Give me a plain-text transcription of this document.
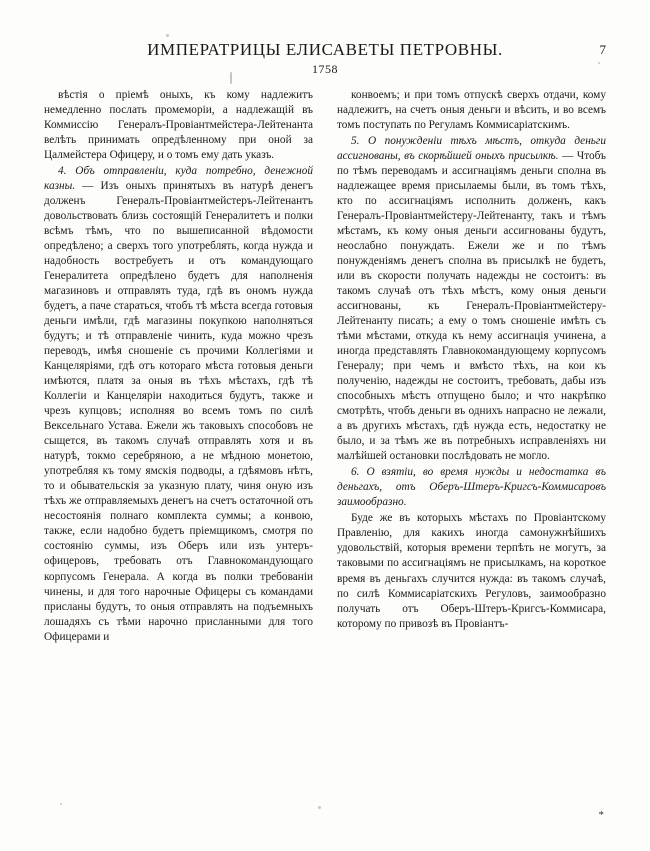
ИМПЕРАТРИЦЫ ЕЛИСАВЕТЫ ПЕТРОВНЫ.	7
1758

вѣстія о пріемѣ оныхъ, къ кому надлежитъ немедленно послать промеморіи, а надлежащій въ Коммиссію Генералъ-Провіантмейстера-Лейтенанта велѣть принимать опредѣленному при оной за Цалмейстера Офицеру, и о томъ ему дать указъ.

4. Объ отправленіи, куда потребно, денежной казны. — Изъ оныхъ принятыхъ въ натурѣ денегъ долженъ Генералъ-Провіантмейстеръ-Лейтенантъ довольствовать близь состоящій Генералитетъ и полки всѣмъ тѣмъ, что по вышеписанной вѣдомости опредѣлено; а сверхъ того употреблять, когда нужда и надобность востребуетъ и отъ командующаго Генералитета опредѣлено будетъ для наполненія магазиновъ и отправлять туда, гдѣ въ ономъ нужда будетъ, а паче стараться, чтобъ тѣ мѣста всегда готовыя деньги имѣли, гдѣ магазины покупкою наполняться будутъ; и тѣ отправленіе чинить, куда можно чрезъ переводъ, имѣя сношеніе съ прочими Коллегіями и Канцеляріями, гдѣ отъ котораго мѣста готовыя деньги имѣются, платя за оныя въ тѣхъ мѣстахъ, гдѣ тѣ Коллегіи и Канцеляріи находиться будутъ, также и чрезъ купцовъ; исполняя во всемъ томъ по силѣ Вексельнаго Устава. Ежели жъ таковыхъ способовъ не сыщется, въ такомъ случаѣ отправлять хотя и въ натурѣ, токмо серебряною, а не мѣдною монетою, употребляя къ тому ямскія подводы, а гдѣямовъ нѣтъ, то и обывательскія за указную плату, чиня оную изъ тѣхъ же отправляемыхъ денегъ на счетъ остаточной отъ несостоянія полнаго комплекта суммы; а конвою, также, если надобно будетъ пріемщикомъ, смотря по состоянію суммы, изъ Оберъ или изъ унтеръ-офицеровъ, требовать отъ Главнокомандующаго корпусомъ Генерала. А когда въ полки требованіи чинены, и для того нарочные Офицеры съ командами присланы будутъ, то оныя отправлять на подъемныхъ лошадяхъ съ тѣми нарочно присланными для того Офицерами и

конвоемъ; и при томъ отпускѣ сверхъ отдачи, кому надлежитъ, на счетъ оныя деньги и вѣсить, и во всемъ томъ поступать по Регуламъ Коммисаріатскимъ.

5. О понужденіи тѣхъ мѣстъ, откуда деньги ассигнованы, въ скорѣйшей оныхъ присылкѣ. — Чтобъ по тѣмъ переводамъ и ассигнаціямъ деньги сполна въ надлежащее время присылаемы были, въ томъ тѣхъ, кто по ассигнаціямъ исполнить долженъ, какъ Генералъ-Провіантмейстеру-Лейтенанту, такъ и тѣмъ мѣстамъ, къ кому оныя деньги ассигнованы будутъ, неослабно понуждать. Ежели же и по тѣмъ понужденіямъ денегъ сполна въ присылкѣ не будетъ, или въ скорости получать надежды не состоитъ: въ такомъ случаѣ отъ тѣхъ мѣстъ, кому оныя деньги ассигнованы, къ Генералъ-Провіантмейстеру-Лейтенанту писать; а ему о томъ сношеніе имѣть съ тѣми мѣстами, откуда къ нему ассигнація учинена, а иногда представлять Главнокомандующему корпусомъ Генералу; при чемъ и вмѣсто тѣхъ, на кои къ полученію, надежды не состоитъ, требовать, дабы изъ способныхъ мѣстъ отпущено было; и что накрѣпко смотрѣть, чтобъ деньги въ однихъ напрасно не лежали, а въ другихъ мѣстахъ, гдѣ нужда есть, недостатку не было, и за тѣмъ же въ потребныхъ исправленіяхъ ни малѣйшей остановки послѣдовать не могло.

6. О взятіи, во время нужды и недостатка въ деньгахъ, отъ Оберъ-Штеръ-Кригсъ-Коммисаровъ заимообразно.

Буде же въ которыхъ мѣстахъ по Провіантскому Правленію, для какихъ иногда самонужнѣйшихъ удовольствій, которыя времени терпѣть не могутъ, за таковыми по ассигнаціямъ не присылкамъ, на короткое время въ деньгахъ случится нужда: въ такомъ случаѣ, по силѣ Коммисаріатскихъ Регуловъ, заимообразно получать отъ Оберъ-Штеръ-Кригсъ-Коммисара, которому по привозѣ въ Провіантъ-

*
